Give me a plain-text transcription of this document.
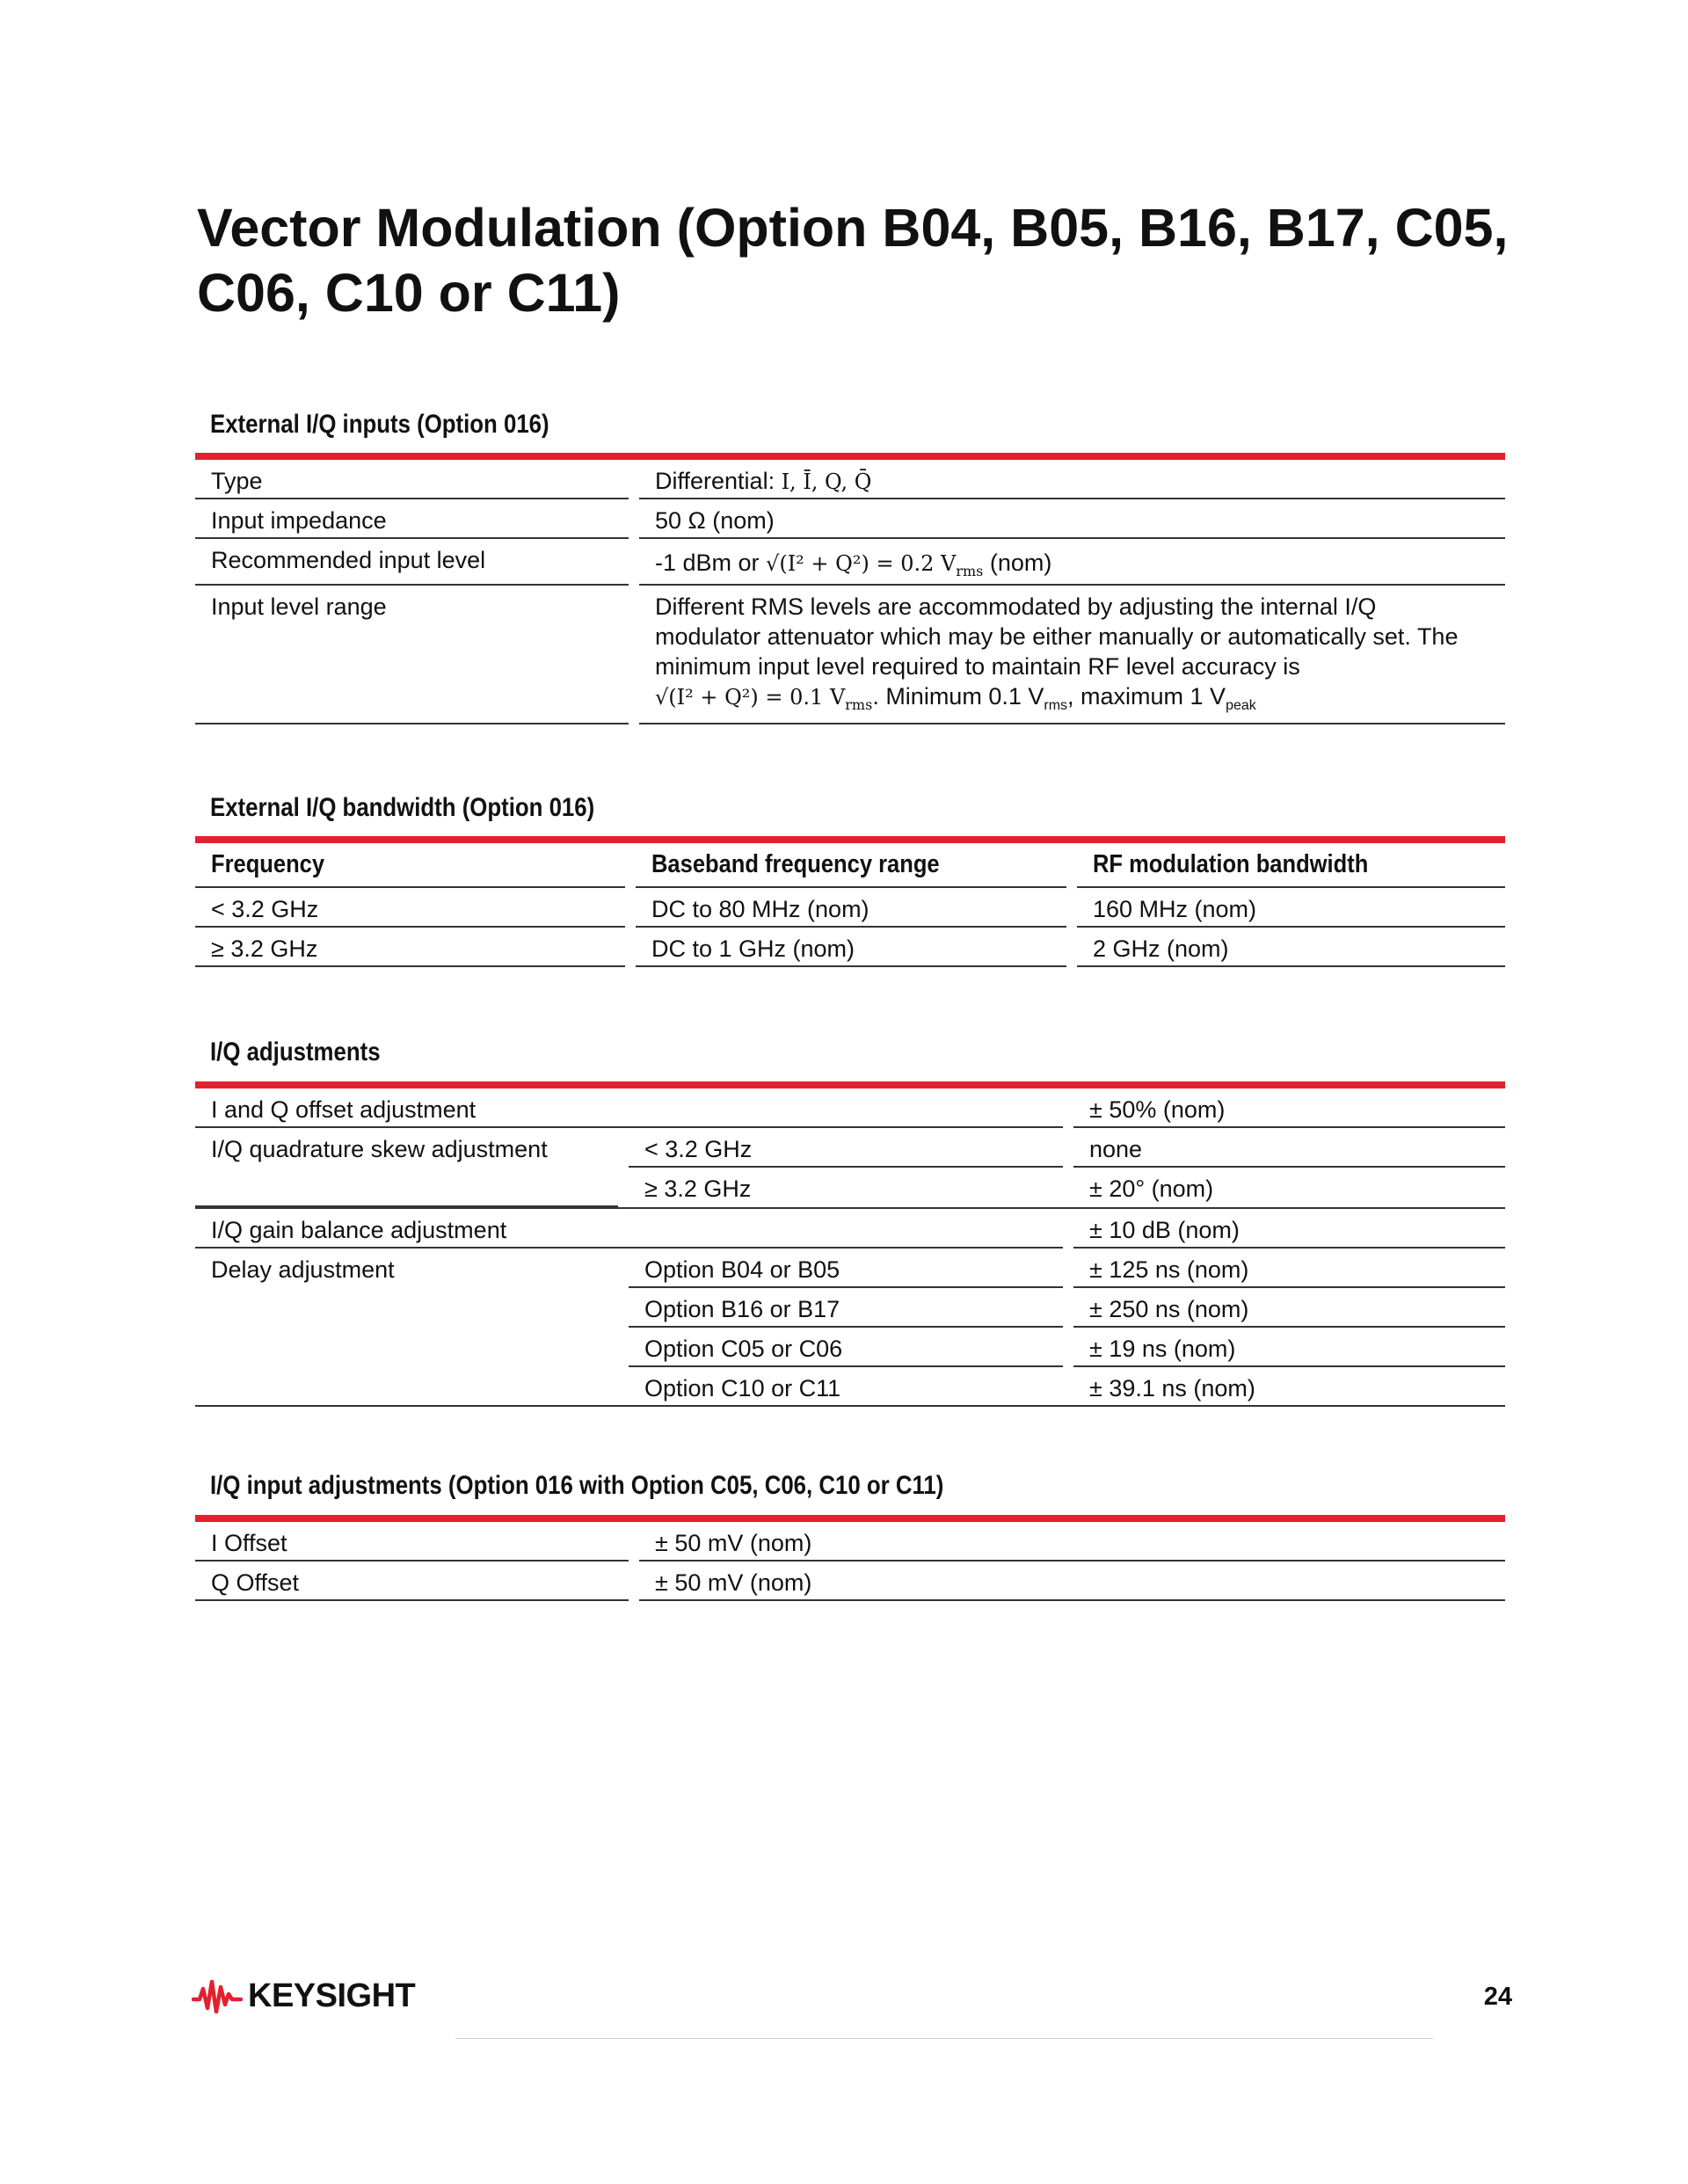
Vector Modulation (Option B04, B05, B16, B17, C05, C06, C10 or C11)
External I/Q inputs (Option 016)
Type	Differential: I, Ī, Q, Q̄
Input impedance	50 Ω (nom)
Recommended input level	-1 dBm or √(I² + Q²) = 0.2 $V_{rms}$ (nom)
Input level range	Different RMS levels are accommodated by adjusting the internal I/Q modulator attenuator which may be either manually or automatically set. The minimum input level required to maintain RF level accuracy is
√(I² + Q²) = 0.1 $V_{rms}$. Minimum 0.1 $V_{rms}$, maximum 1 $V_{peak}$
External I/Q bandwidth (Option 016)
Frequency	Baseband frequency range	RF modulation bandwidth
< 3.2 GHz	DC to 80 MHz (nom)	160 MHz (nom)
≥ 3.2 GHz	DC to 1 GHz (nom)	2 GHz (nom)
I/Q adjustments
I and Q offset adjustment	± 50% (nom)
I/Q quadrature skew adjustment	< 3.2 GHz	none
≥ 3.2 GHz	± 20° (nom)
I/Q gain balance adjustment	± 10 dB (nom)
Delay adjustment	Option B04 or B05	± 125 ns (nom)
Option B16 or B17	± 250 ns (nom)
Option C05 or C06	± 19 ns (nom)
Option C10 or C11	± 39.1 ns (nom)
I/Q input adjustments (Option 016 with Option C05, C06, C10 or C11)
I Offset	± 50 mV (nom)
Q Offset	± 50 mV (nom)
KEYSIGHT	24
